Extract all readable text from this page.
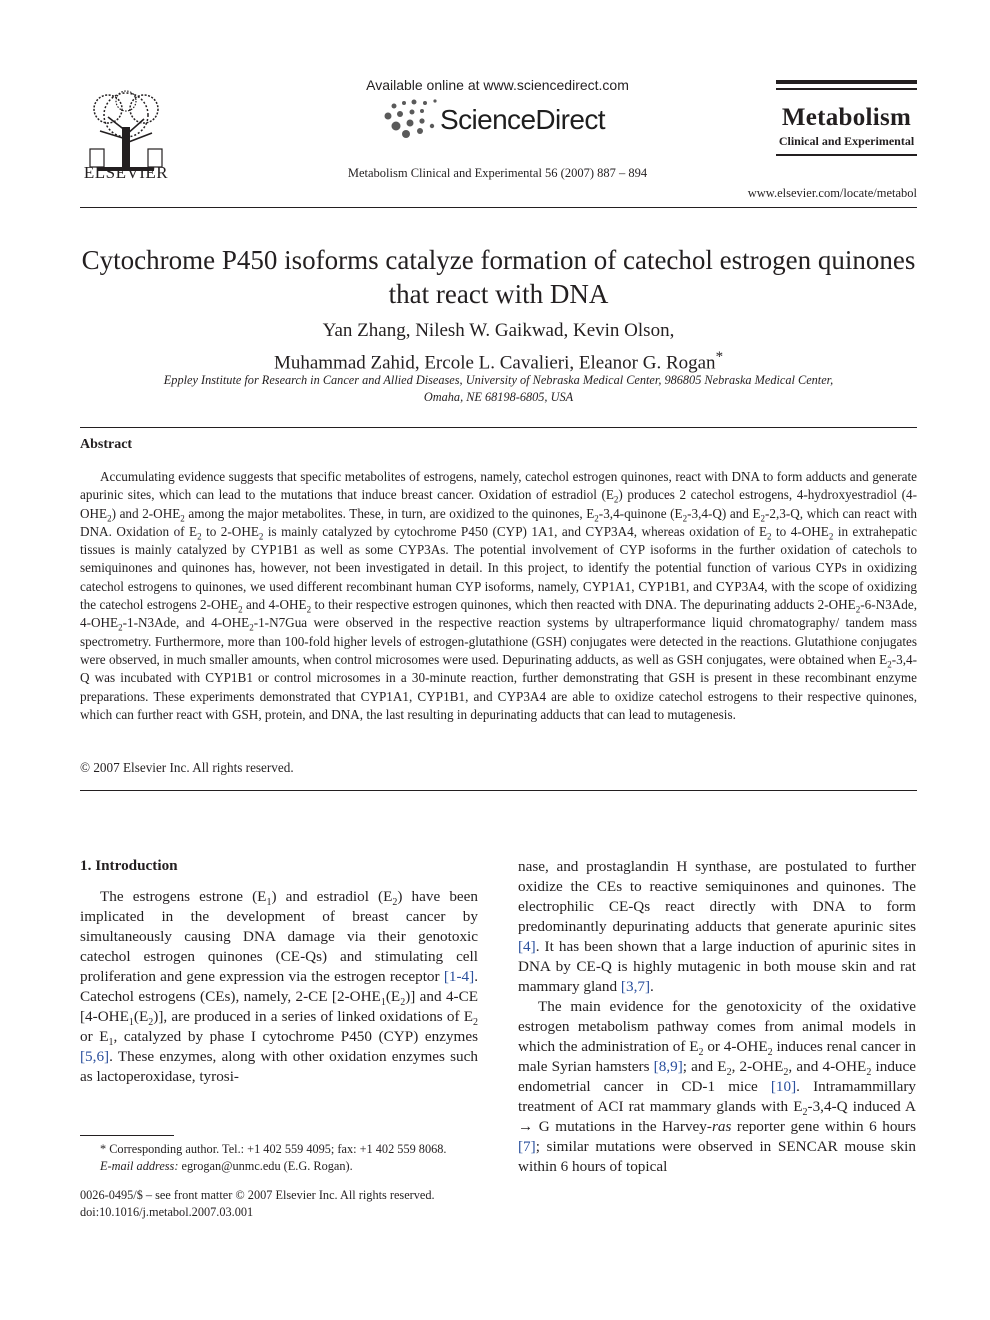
ELSEVIER
Available online at www.sciencedirect.com
ScienceDirect
Metabolism Clinical and Experimental 56 (2007) 887 – 894
Metabolism
Clinical and Experimental
www.elsevier.com/locate/metabol
Cytochrome P450 isoforms catalyze formation of catechol estrogen quinones that react with DNA
Yan Zhang, Nilesh W. Gaikwad, Kevin Olson,
Muhammad Zahid, Ercole L. Cavalieri, Eleanor G. Rogan*
Eppley Institute for Research in Cancer and Allied Diseases, University of Nebraska Medical Center, 986805 Nebraska Medical Center,
Omaha, NE 68198-6805, USA
Abstract
Accumulating evidence suggests that specific metabolites of estrogens, namely, catechol estrogen quinones, react with DNA to form adducts and generate apurinic sites, which can lead to the mutations that induce breast cancer. Oxidation of estradiol $(E_2)$ produces 2 catechol estrogens, 4-hydroxyestradiol $(4-OHE_2)$ and $2-OHE_2$ among the major metabolites. These, in turn, are oxidized to the quinones, $E_2-3,4$-quinone $(E_2-3,4-Q)$ and $E_2-2,3-Q$, which can react with DNA. Oxidation of $E_2$ to $2-OHE_2$ is mainly catalyzed by cytochrome P450 (CYP) 1A1, and CYP3A4, whereas oxidation of $E_2$ to $4-OHE_2$ in extrahepatic tissues is mainly catalyzed by CYP1B1 as well as some CYP3As. The potential involvement of CYP isoforms in the further oxidation of catechols to semiquinones and quinones has, however, not been investigated in detail. In this project, to identify the potential function of various CYPs in oxidizing catechol estrogens to quinones, we used different recombinant human CYP isoforms, namely, CYP1A1, CYP1B1, and CYP3A4, with the scope of oxidizing the catechol estrogens $2-OHE_2$ and $4-OHE_2$ to their respective estrogen quinones, which then reacted with DNA. The depurinating adducts $2-OHE_2-6-N3Ade$, $4-OHE_2-1-N3Ade$, and $4-OHE_2-1-N7Gua$ were observed in the respective reaction systems by ultraperformance liquid chromatography/ tandem mass spectrometry. Furthermore, more than 100-fold higher levels of estrogen-glutathione (GSH) conjugates were detected in the reactions. Glutathione conjugates were observed, in much smaller amounts, when control microsomes were used. Depurinating adducts, as well as GSH conjugates, were obtained when $E_2-3,4-Q$ was incubated with CYP1B1 or control microsomes in a 30-minute reaction, further demonstrating that GSH is present in these recombinant enzyme preparations. These experiments demonstrated that CYP1A1, CYP1B1, and CYP3A4 are able to oxidize catechol estrogens to their respective quinones, which can further react with GSH, protein, and DNA, the last resulting in depurinating adducts that can lead to mutagenesis.
© 2007 Elsevier Inc. All rights reserved.
1. Introduction
The estrogens estrone $(E_1)$ and estradiol $(E_2)$ have been implicated in the development of breast cancer by simultaneously causing DNA damage via their genotoxic catechol estrogen quinones (CE-Qs) and stimulating cell proliferation and gene expression via the estrogen receptor [1-4]. Catechol estrogens (CEs), namely, 2-CE $[2-OHE_1(E_2)]$ and 4-CE $[4-OHE_1(E_2)]$, are produced in a series of linked oxidations of $E_2$ or $E_1$, catalyzed by phase I cytochrome P450 (CYP) enzymes [5,6]. These enzymes, along with other oxidation enzymes such as lactoperoxidase, tyrosi-

nase, and prostaglandin H synthase, are postulated to further oxidize the CEs to reactive semiquinones and quinones. The electrophilic CE-Qs react directly with DNA to form predominantly depurinating adducts that generate apurinic sites [4]. It has been shown that a large induction of apurinic sites in DNA by CE-Q is highly mutagenic in both mouse skin and rat mammary gland [3,7].

The main evidence for the genotoxicity of the oxidative estrogen metabolism pathway comes from animal models in which the administration of $E_2$ or $4-OHE_2$ induces renal cancer in male Syrian hamsters [8,9]; and $E_2$, $2-OHE_2$, and $4-OHE_2$ induce endometrial cancer in CD-1 mice [10]. Intramammillary treatment of ACI rat mammary glands with $E_2-3,4-Q$ induced A → G mutations in the Harvey-ras reporter gene within 6 hours [7]; similar mutations were observed in SENCAR mouse skin within 6 hours of topical

* Corresponding author. Tel.: +1 402 559 4095; fax: +1 402 559 8068.
E-mail address: egrogan@unmc.edu (E.G. Rogan).
0026-0495/$ – see front matter © 2007 Elsevier Inc. All rights reserved.
doi:10.1016/j.metabol.2007.03.001
